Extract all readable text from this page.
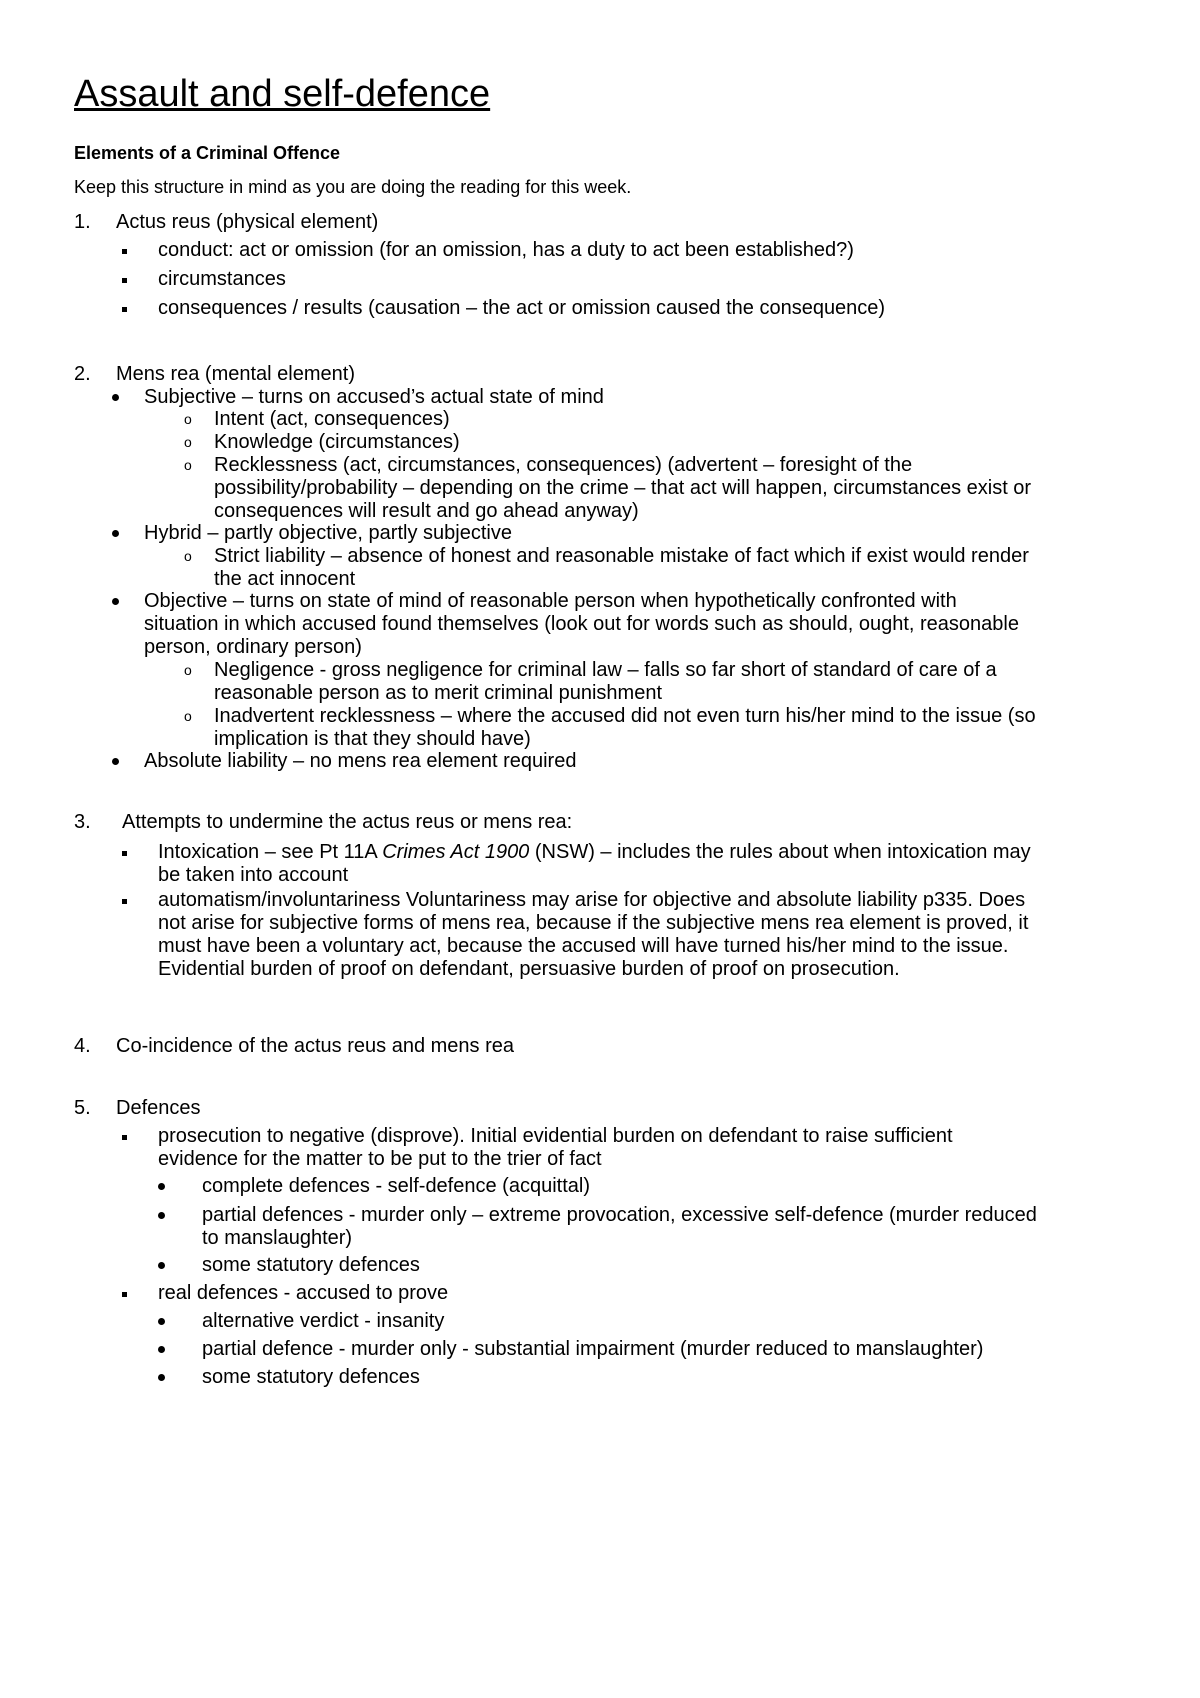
Assault and self-defence
Elements of a Criminal Offence
Keep this structure in mind as you are doing the reading for this week.
1. Actus reus (physical element)
conduct: act or omission (for an omission, has a duty to act been established?)
circumstances
consequences / results (causation – the act or omission caused the consequence)
2. Mens rea (mental element)
Subjective – turns on accused’s actual state of mind
o Intent (act, consequences)
o Knowledge (circumstances)
o Recklessness (act, circumstances, consequences) (advertent – foresight of the
possibility/probability – depending on the crime – that act will happen, circumstances exist or
consequences will result and go ahead anyway)
Hybrid – partly objective, partly subjective
o Strict liability – absence of honest and reasonable mistake of fact which if exist would render
the act innocent
Objective – turns on state of mind of reasonable person when hypothetically confronted with
situation in which accused found themselves (look out for words such as should, ought, reasonable
person, ordinary person)
o Negligence - gross negligence for criminal law – falls so far short of standard of care of a
reasonable person as to merit criminal punishment
o Inadvertent recklessness – where the accused did not even turn his/her mind to the issue (so
implication is that they should have)
Absolute liability – no mens rea element required
3. Attempts to undermine the actus reus or mens rea:
Intoxication – see Pt 11A Crimes Act 1900 (NSW) – includes the rules about when intoxication may
be taken into account
automatism/involuntariness Voluntariness may arise for objective and absolute liability p335. Does
not arise for subjective forms of mens rea, because if the subjective mens rea element is proved, it
must have been a voluntary act, because the accused will have turned his/her mind to the issue.
Evidential burden of proof on defendant, persuasive burden of proof on prosecution.
4. Co-incidence of the actus reus and mens rea
5. Defences
prosecution to negative (disprove). Initial evidential burden on defendant to raise sufficient
evidence for the matter to be put to the trier of fact
complete defences - self-defence (acquittal)
partial defences - murder only – extreme provocation, excessive self-defence (murder reduced
to manslaughter)
some statutory defences
real defences - accused to prove
alternative verdict - insanity
partial defence - murder only - substantial impairment (murder reduced to manslaughter)
some statutory defences
